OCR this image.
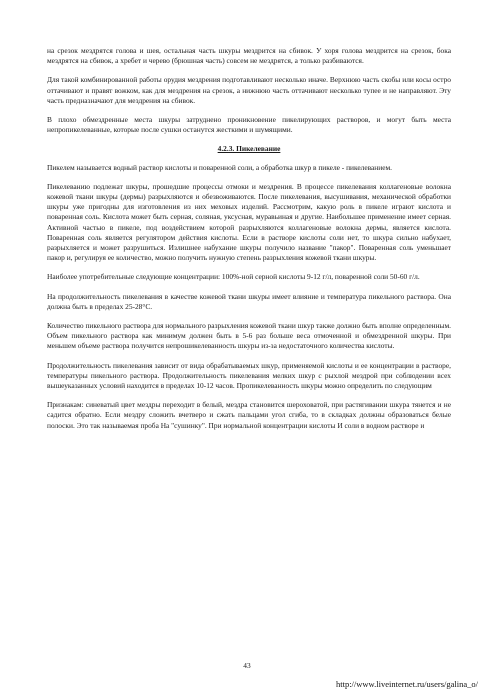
на срезок мездрятся голова и шея, остальная часть шкуры мездрится на сбивок. У хоря голова мездрится на срезок, бока мездрятся на сбивок, а хребет и черево (брюшная часть) совсем не мездрятся, а только разбиваются.

Для такой комбинированной работы орудия мездрения подготавливают несколько иначе. Верхнюю часть скобы или косы остро оттачивают и правят вожком, как для мездрения на срезок, а нижнюю часть оттачивают несколько тупее и не направляют. Эту часть предназначают для мездрения на сбивок.

В плохо обмездренные места шкуры затруднено проникновение пикелирующих растворов, и могут быть места непропикелеванные, которые после сушки останутся жесткими и шумящими.

4.2.3. Пикелевание

Пикелем называется водный раствор кислоты и поваренной соли, а обработка шкур в пикеле - пикелеванием.

Пикелеванию подлежат шкуры, прошедшие процессы отмоки и мездрения. В процессе пикелевания коллагеновые волокна кожевой ткани шкуры (дермы) разрыхляются и обезвоживаются. После пикелевания, высушивания, механической обработки шкуры уже пригодны для изготовления из них меховых изделий. Рассмотрим, какую роль в пикеле играют кислота и поваренная соль. Кислота может быть серная, соляная, уксусная, муравьиная и другие. Наибольшее применение имеет серная. Активной частью в пикеле, под воздействием которой разрыхляются коллагеновые волокна дермы, является кислота. Поваренная соль является регулятором действия кислоты. Если в растворе кислоты соли нет, то шкура сильно набухает, разрыхляется и может разрушиться. Излишнее набухание шкуры получило название "пакор". Поваренная соль уменьшает пакор и, регулируя ее количество, можно получить нужную степень разрыхления кожевой ткани шкуры.

Наиболее употребительные следующие концентрации: 100%-ной серной кислоты 9-12 г/л, поваренной соли 50-60 г/л.

На продолжительность пикелевания в качестве кожевой ткани шкуры имеет влияние и температура пикельного раствора. Она должна быть в пределах 25-28°С.

Количество пикельного раствора для нормального разрыхления кожевой ткани шкур также должно быть вполне определенным. Объем пикельного раствора как минимум должен быть в 5-6 раз больше веса отмоченной и обмездренной шкуры. При меньшем объеме раствора получится непрошикелеванность шкуры из-за недостаточного количества кислоты.

Продолжительность пикелевания зависит от вида обрабатываемых шкур, применяемой кислоты и ее концентрации в растворе, температуры пикельного раствора. Продолжительность пикелевания мелких шкур с рыхлой мездрой при соблюдении всех вышеуказанных условий находится в пределах 10-12 часов. Пропикелеванность шкуры можно определить по следующим

Признакам: синеватый цвет мездры переходит в белый, мездра становится шероховатой, при растягивании шкура тянется и не садится обратно. Если мездру сложить вчетверо и сжать пальцами угол сгиба, то в складках должны образоваться белые полоски. Это так называемая проба На "сушинку". При нормальной концентрации кислоты И соли в водном растворе и

43
http://www.liveinternet.ru/users/galina_o/
